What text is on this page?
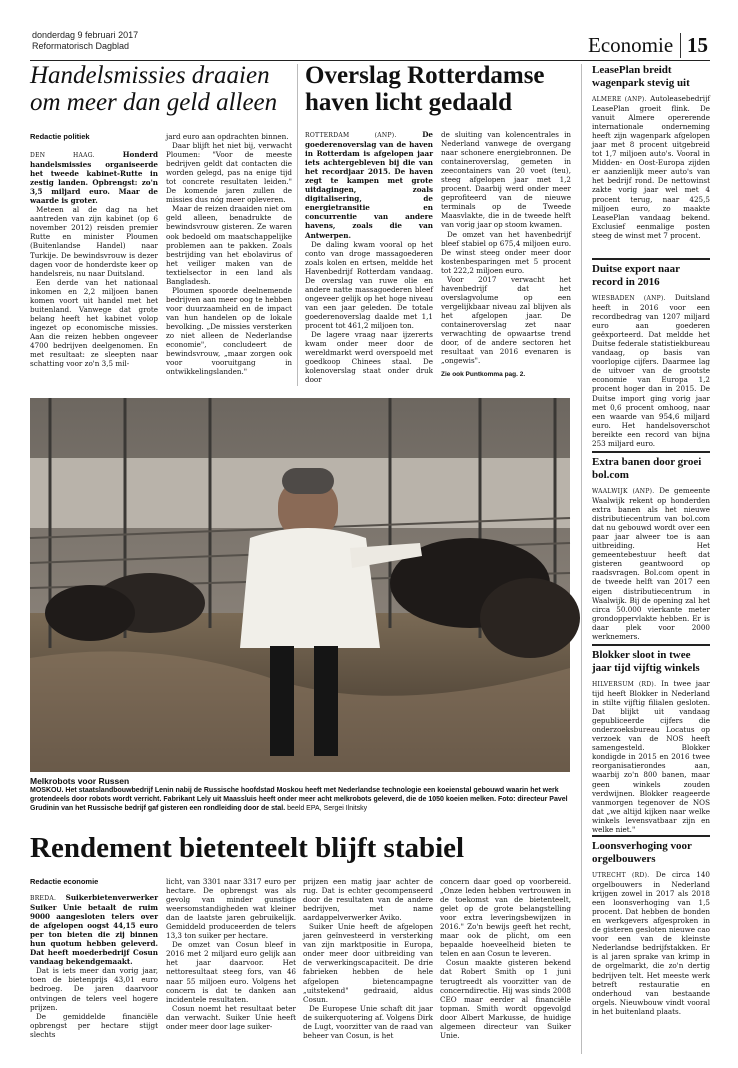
donderdag 9 februari 2017
Reformatorisch Dagblad	Economie 15
Handelsmissies draaien
om meer dan geld alleen
Redactie politiek

DEN HAAG.	Honderd handelsmissies organiseerde het tweede kabinet-Rutte in zestig landen. Opbrengst: zo'n 3,5 miljard euro. Maar de waarde is groter.

Meteen al de dag na het aantreden van zijn kabinet (op 6 november 2012) reisden premier Rutte en minister Ploumen (Buitenlandse Handel) naar Turkije. De bewindsvrouw is dezer dagen voor de honderdste keer op handelsreis, nu naar Duitsland.

Een derde van het nationaal inkomen en 2,2 miljoen banen komen voort uit handel met het buitenland. Vanwege dat grote belang heeft het kabinet volop ingezet op economische missies. Aan die reizen hebben ongeveer 4700 bedrijven deelgenomen. En met resultaat: ze sleepten naar schatting voor zo'n 3,5 mil-

jard euro aan opdrachten binnen.

Daar blijft het niet bij, verwacht Ploumen: "Voor de meeste bedrijven geldt dat contacten die worden gelegd, pas na enige tijd tot concrete resultaten leiden." De komende jaren zullen de missies dus nóg meer opleveren.

Maar de reizen draaiden niet om geld alleen, benadrukte de bewindsvrouw gisteren. Ze waren ook bedoeld om maatschappelijke problemen aan te pakken. Zoals bestrijding van het ebolavirus of het veiliger maken van de textielsector in een land als Bangladesh.

Ploumen spoorde deelnemende bedrijven aan meer oog te hebben voor duurzaamheid en de impact van hun handelen op de lokale bevolking. „De missies versterken zo niet alleen de Nederlandse economie", concludeert de bewindsvrouw, „maar zorgen ook voor vooruitgang in ontwikkelingslanden."

Overslag Rotterdamse
haven licht gedaald

ROTTERDAM (ANP).	De goederenoverslag van de haven in Rotterdam is afgelopen jaar iets achtergebleven bij die van het recordjaar 2015. De haven zegt te kampen met grote uitdagingen, zoals digitalisering, de energietransitie en concurrentie van andere havens, zoals die van Antwerpen.

De daling kwam vooral op het conto van droge massagoederen zoals kolen en ertsen, meldde het Havenbedrijf Rotterdam vandaag. De overslag van ruwe olie en andere natte massagoederen bleef ongeveer gelijk op het hoge niveau van een jaar geleden. De totale goederenoverslag daalde met 1,1 procent tot 461,2 miljoen ton.

De lagere vraag naar ijzererts kwam onder meer door de wereldmarkt werd overspoeld met goedkoop Chinees staal. De kolenoverslag staat onder druk door

de sluiting van kolencentrales in Nederland vanwege de overgang naar schonere energiebronnen. De containeroverslag, gemeten in zeecontainers van 20 voet (teu), steeg afgelopen jaar met 1,2 procent. Daarbij werd onder meer geprofiteerd van de nieuwe terminals op de Tweede Maasvlakte, die in de tweede helft van vorig jaar op stoom kwamen.

De omzet van het havenbedrijf bleef stabiel op 675,4 miljoen euro. De winst steeg onder meer door kostenbesparingen met 5 procent tot 222,2 miljoen euro.

Voor 2017 verwacht het havenbedrijf dat het overslagvolume op een vergelijkbaar niveau zal blijven als het afgelopen jaar. De containeroverslag zet naar verwachting de opwaartse trend door, of de andere sectoren het resultaat van 2016 evenaren is „ongewis".

Zie ook Puntkomma pag. 2.
Melkrobots voor Russen
MOSKOU. Het staatslandbouwbedrijf Lenin nabij de Russische hoofdstad Moskou heeft met Nederlandse technologie een koeienstal gebouwd waarin het werk grotendeels door robots wordt verricht. Fabrikant Lely uit Maassluis heeft onder meer acht melkrobots geleverd, die de 1050 koeien melken. Foto: directeur Pavel Grudinin van het Russische bedrijf gaf gisteren een rondleiding door de stal. beeld EPA, Sergei Ilnitsky
Rendement bietenteelt blijft stabiel
Redactie economie

BREDA. Suikerbietenverwerker Suiker Unie betaalt de ruim 9000 aangesloten telers over de afgelopen oogst 44,15 euro per ton bieten die zij binnen hun quotum hebben geleverd. Dat heeft moederbedrijf Cosun vandaag bekendgemaakt.

Dat is iets meer dan vorig jaar, toen de bietenprijs 43,01 euro bedroeg. De jaren daarvoor ontvingen de telers veel hogere prijzen.

De gemiddelde financiële opbrengst per hectare stijgt slechts

licht, van 3301 naar 3317 euro per hectare. De opbrengst was als gevolg van minder gunstige weersomstandigheden wat kleiner dan de laatste jaren gebruikelijk. Gemiddeld produceerden de telers 13,3 ton suiker per hectare.

De omzet van Cosun bleef in 2016 met 2 miljard euro gelijk aan het jaar daarvoor. Het nettoresultaat steeg fors, van 46 naar 55 miljoen euro. Volgens het concern is dat te danken aan incidentele resultaten.

Cosun noemt het resultaat beter dan verwacht. Suiker Unie heeft onder meer door lage suiker-

prijzen een matig jaar achter de rug. Dat is echter gecompenseerd door de resultaten van de andere bedrijven, met name aardappelverwerker Aviko.

Suiker Unie heeft de afgelopen jaren geïnvesteerd in versterking van zijn marktpositie in Europa, onder meer door uitbreiding van de verwerkingscapaciteit. De drie fabrieken hebben de hele afgelopen bietencampagne „uitstekend" gedraaid, aldus Cosun.

De Europese Unie schaft dit jaar de suikerquotering af. Volgens Dirk de Lugt, voorzitter van de raad van beheer van Cosun, is het

concern daar goed op voorbereid. „Onze leden hebben vertrouwen in de toekomst van de bietenteelt, gelet op de grote belangstelling voor extra leveringsbewijzen in 2016." Zo'n bewijs geeft het recht, maar ook de plicht, om een bepaalde hoeveelheid bieten te telen en aan Cosun te leveren.

Cosun maakte gisteren bekend dat Robert Smith op 1 juni terugtreedt als voorzitter van de concerndirectie. Hij was sinds 2008 CEO maar eerder al financiële topman. Smith wordt opgevolgd door Albert Markusse, de huidige algemeen directeur van Suiker Unie.

LeasePlan breidt wagenpark stevig uit

ALMERE (ANP). Autoleasebedrijf LeasePlan groeit flink. De vanuit Almere opererende internationale onderneming heeft zijn wagenpark afgelopen jaar met 8 procent uitgebreid tot 1,7 miljoen auto's. Vooral in Midden- en Oost-Europa zijden er aanzienlijk meer auto's van het bedrijf rond. De nettowinst zakte vorig jaar wel met 4 procent terug, naar 425,5 miljoen euro, zo maakte LeasePlan vandaag bekend. Exclusief eenmalige posten steeg de winst met 7 procent.

Duitse export naar record in 2016

WIESBADEN (ANP). Duitsland heeft in 2016 voor een recordbedrag van 1207 miljard euro aan goederen geëxporteerd. Dat meldde het Duitse federale statistiekbureau vandaag, op basis van voorlopige cijfers. Daarmee lag de uitvoer van de grootste economie van Europa 1,2 procent hoger dan in 2015. De Duitse import ging vorig jaar met 0,6 procent omhoog, naar een waarde van 954,6 miljard euro. Het handelsoverschot bereikte een record van bijna 253 miljard euro.

Extra banen door groei bol.com

WAALWIJK (ANP). De gemeente Waalwijk rekent op honderden extra banen als het nieuwe distributiecentrum van bol.com dat nu gebouwd wordt over een paar jaar alweer toe is aan uitbreiding. Het gemeentebestuur heeft dat gisteren geantwoord op raadsvragen. Bol.com opent in de tweede helft van 2017 een eigen distributiecentrum in Waalwijk. Bij de opening zal het circa 50.000 vierkante meter grondoppervlakte hebben. Er is daar plek voor 2000 werknemers.

Blokker sloot in twee jaar tijd vijftig winkels

HILVERSUM (RD). In twee jaar tijd heeft Blokker in Nederland in stilte vijftig filialen gesloten. Dat blijkt uit vandaag gepubliceerde cijfers die onderzoeksbureau Locatus op verzoek van de NOS heeft samengesteld. Blokker kondigde in 2015 en 2016 twee reorganisatierondes aan, waarbij zo'n 800 banen, maar geen winkels zouden verdwijnen. Blokker reageerde vanmorgen tegenover de NOS dat „we altijd kijken naar welke winkels levensvatbaar zijn en welke niet."

Loonsverhoging voor orgelbouwers

UTRECHT (RD). De circa 140 orgelbouwers in Nederland krijgen zowel in 2017 als 2018 een loonsverhoging van 1,5 procent. Dat hebben de bonden en werkgevers afgesproken in de gisteren gesloten nieuwe cao voor een van de kleinste Nederlandse bedrijfstakken. Er is al jaren sprake van krimp in de orgelmarkt, die zo'n dertig bedrijven telt. Het meeste werk betreft restauratie en onderhoud van bestaande orgels. Nieuwbouw vindt vooral in het buitenland plaats.
